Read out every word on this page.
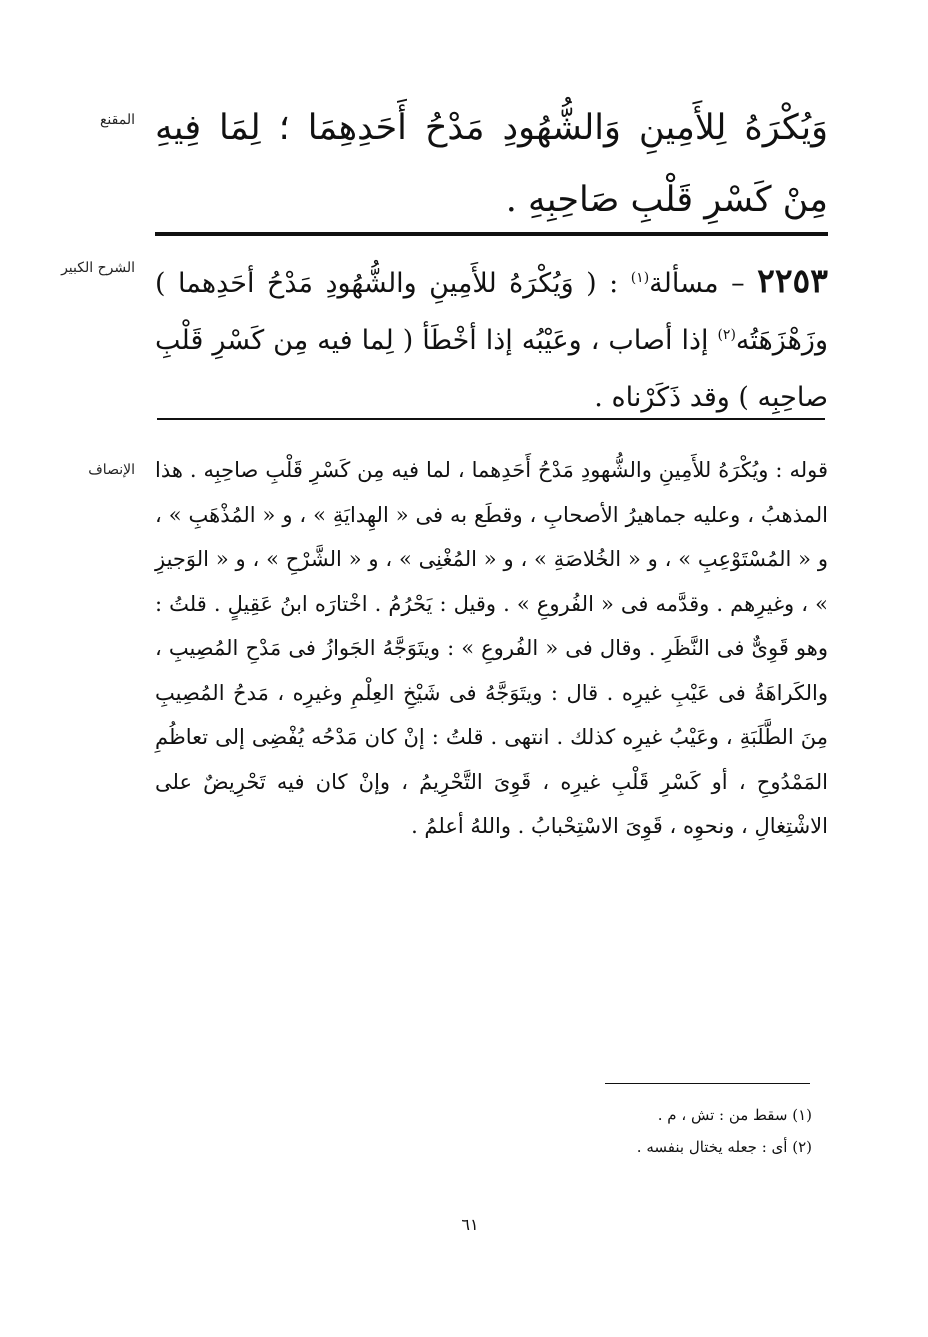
المقنع وَيُكْرَهُ لِلأَمِينِ وَالشُّهُودِ مَدْحُ أَحَدِهِمَا ؛ لِمَا فِيهِ مِنْ كَسْرِ قَلْبِ صَاحِبِهِ .
الشرح الكبير	٢٢٥٣ – مسألة$^{(١)}$ : ( وَيُكْرَهُ للأَمِينِ والشُّهُودِ مَدْحُ أحَدِهما ) وزَهْزَهَتُه$^{(٢)}$ إذا أصاب ، وعَيْبُه إذا أخْطَأ ( لِما فيه مِن كَسْرِ قَلْبِ صاحِبِه ) وقد ذَكَرْناه .
الإنصاف قوله : ويُكْرَهُ للأَمِينِ والشُّهودِ مَدْحُ أَحَدِهما ، لما فيه مِن كَسْرِ قَلْبِ صاحِبِه . هذا المذهبُ ، وعليه جماهيرُ الأصحابِ ، وقطَع به فى « الهِدايَةِ » ، و « المُذْهَبِ » ، و « المُسْتَوْعِبِ » ، و « الخُلاصَةِ » ، و « المُغْنِى » ، و « الشَّرْحِ » ، و « الوَجيزِ » ، وغيرِهم . وقدَّمه فى « الفُروعِ » . وقيل : يَحْرُمُ . اخْتارَه ابنُ عَقِيلٍ . قلتُ : وهو قَوِىٌّ فى النَّظَرِ . وقال فى « الفُروعِ » : ويتَوَجَّهُ الجَوازُ فى مَدْحِ المُصِيبِ ، والكَراهَةُ فى عَيْبِ غيرِه . قال : ويتَوَجَّهُ فى شَيْخِ العِلْمِ وغيرِه ، مَدحُ المُصِيبِ مِنَ الطَّلَبَةِ ، وعَيْبُ غيرِه كذلك . انتهى . قلتُ : إنْ كان مَدْحُه يُفْضِى إلى تعاظُمِ المَمْدُوحِ ، أو كَسْرِ قَلْبِ غيرِه ، قَوِىَ التَّحْرِيمُ ، وإنْ كان فيه تَحْرِيضٌ على الاشْتِغالِ ، ونحوِه ، قَوِىَ الاسْتِحْبابُ . واللهُ أعلمُ .
(١) سقط من : تش ، م .
(٢) أى : جعله يختال بنفسه .
٦١
